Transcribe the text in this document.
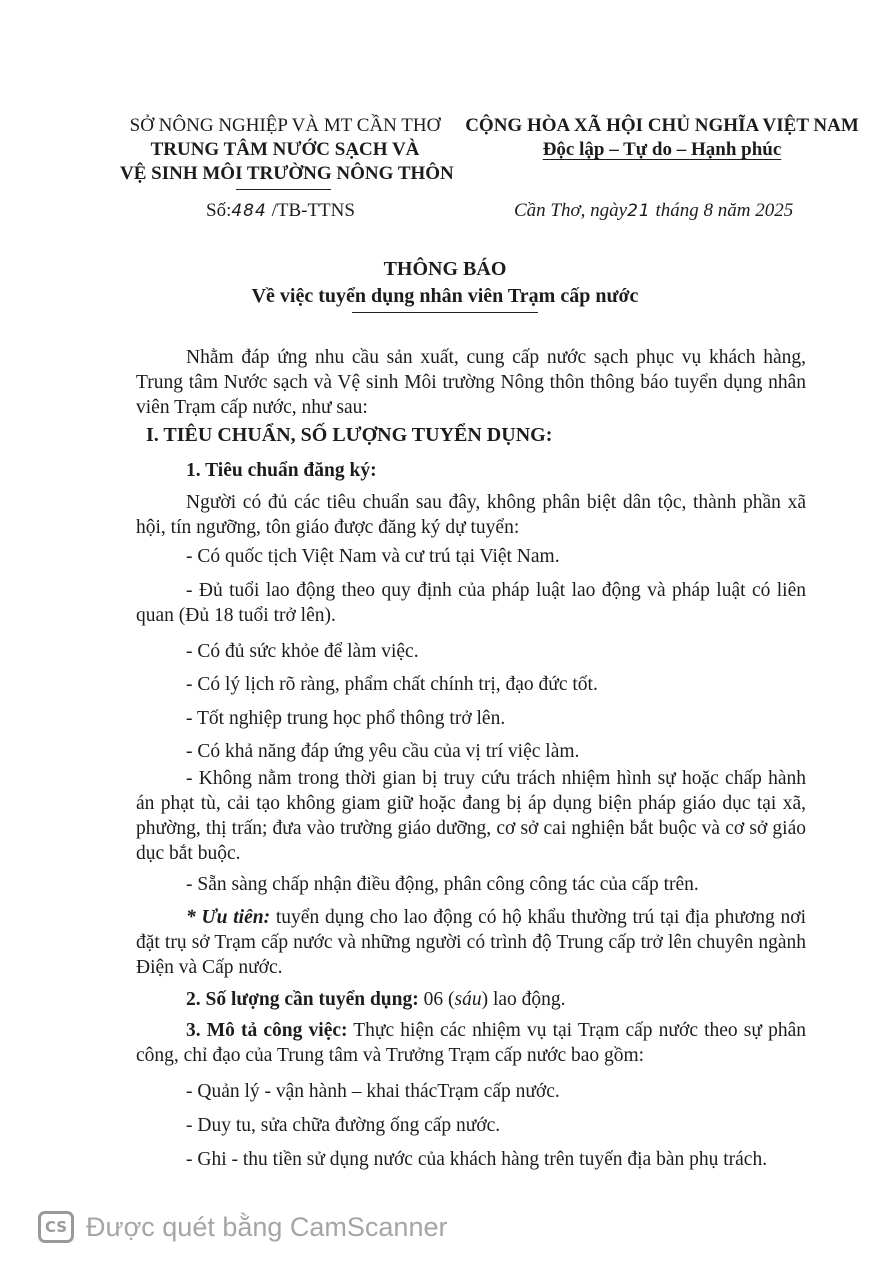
SỞ NÔNG NGHIỆP VÀ MT CẦN THƠ
TRUNG TÂM NƯỚC SẠCH VÀ
VỆ SINH MÔI TRƯỜNG NÔNG THÔN
Số:484 /TB-TTNS
CỘNG HÒA XÃ HỘI CHỦ NGHĨA VIỆT NAM
Độc lập – Tự do – Hạnh phúc
Cần Thơ, ngày21 tháng 8 năm 2025
THÔNG BÁO
Về việc tuyển dụng nhân viên Trạm cấp nước
Nhằm đáp ứng nhu cầu sản xuất, cung cấp nước sạch phục vụ khách hàng, Trung tâm Nước sạch và Vệ sinh Môi trường Nông thôn thông báo tuyển dụng nhân viên Trạm cấp nước, như sau:
I. TIÊU CHUẨN, SỐ LƯỢNG TUYỂN DỤNG:
1. Tiêu chuẩn đăng ký:
Người có đủ các tiêu chuẩn sau đây, không phân biệt dân tộc, thành phần xã hội, tín ngưỡng, tôn giáo được đăng ký dự tuyển:
- Có quốc tịch Việt Nam và cư trú tại Việt Nam.
- Đủ tuổi lao động theo quy định của pháp luật lao động và pháp luật có liên quan (Đủ 18 tuổi trở lên).
- Có đủ sức khỏe để làm việc.
- Có lý lịch rõ ràng, phẩm chất chính trị, đạo đức tốt.
- Tốt nghiệp trung học phổ thông trở lên.
- Có khả năng đáp ứng yêu cầu của vị trí việc làm.
- Không nằm trong thời gian bị truy cứu trách nhiệm hình sự hoặc chấp hành án phạt tù, cải tạo không giam giữ hoặc đang bị áp dụng biện pháp giáo dục tại xã, phường, thị trấn; đưa vào trường giáo dưỡng, cơ sở cai nghiện bắt buộc và cơ sở giáo dục bắt buộc.
- Sẵn sàng chấp nhận điều động, phân công công tác của cấp trên.
* Ưu tiên: tuyển dụng cho lao động có hộ khẩu thường trú tại địa phương nơi đặt trụ sở Trạm cấp nước và những người có trình độ Trung cấp trở lên chuyên ngành Điện và Cấp nước.
2. Số lượng cần tuyển dụng: 06 (sáu) lao động.
3. Mô tả công việc: Thực hiện các nhiệm vụ tại Trạm cấp nước theo sự phân công, chỉ đạo của Trung tâm và Trưởng Trạm cấp nước bao gồm:
- Quản lý - vận hành – khai thácTrạm cấp nước.
- Duy tu, sửa chữa đường ống cấp nước.
- Ghi - thu tiền sử dụng nước của khách hàng trên tuyến địa bàn phụ trách.
CS Được quét bằng CamScanner
